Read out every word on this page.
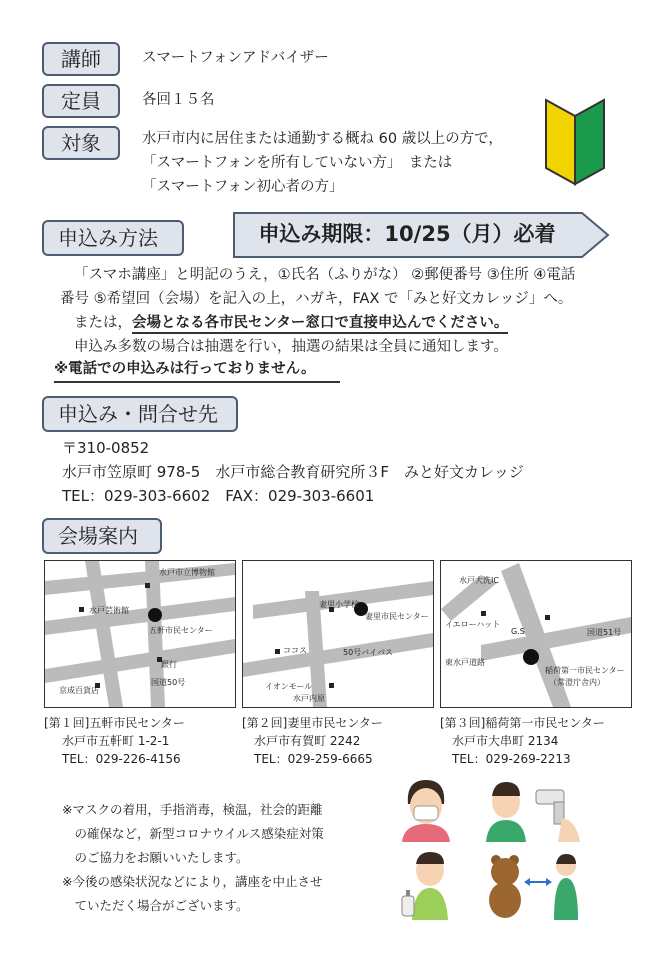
講師	スマートフォンアドバイザー
定員	各回１５名
対象	水戸市内に居住または通勤する概ね 60 歳以上の方で，
「スマートフォンを所有していない方」　または
「スマートフォン初心者の方」
申込み方法	申込み期限：10/25（月）必着
「スマホ講座」と明記のうえ，①氏名（ふりがな） ②郵便番号 ③住所 ④電話
番号 ⑤希望回（会場）を記入の上，ハガキ，FAX で「みと好文カレッジ」へ。
または，会場となる各市民センター窓口で直接申込んでください。
申込み多数の場合は抽選を行い，抽選の結果は全員に通知します。
※電話での申込みは行っておりません。
申込み・問合せ先
〒310-0852
水戸市笠原町 978-5　水戸市総合教育研究所３F　みと好文カレッジ
TEL：029-303-6602　FAX：029-303-6601
会場案内
水戸市立博物館
水戸芸術館
五軒市民センター
銀行
京成百貨店
国道50号
妻里小学校
妻里市民センター
ココス	50号バイパス
イオンモール
水戸内原
水戸大洗IC
イエローハット
G.S	国道51号
稲荷第一市民センター
（常澄庁舎内）
東水戸道路
[第１回]五軒市民センター
水戸市五軒町 1-2-1
TEL：029-226-4156
[第２回]妻里市民センター
水戸市有賀町 2242
TEL：029-259-6665
[第３回]稲荷第一市民センター
水戸市大串町 2134
TEL：029-269-2213
※マスクの着用，手指消毒，検温，社会的距離
　の確保など，新型コロナウイルス感染症対策
　のご協力をお願いいたします。
※今後の感染状況などにより，講座を中止させ
　ていただく場合がございます。
